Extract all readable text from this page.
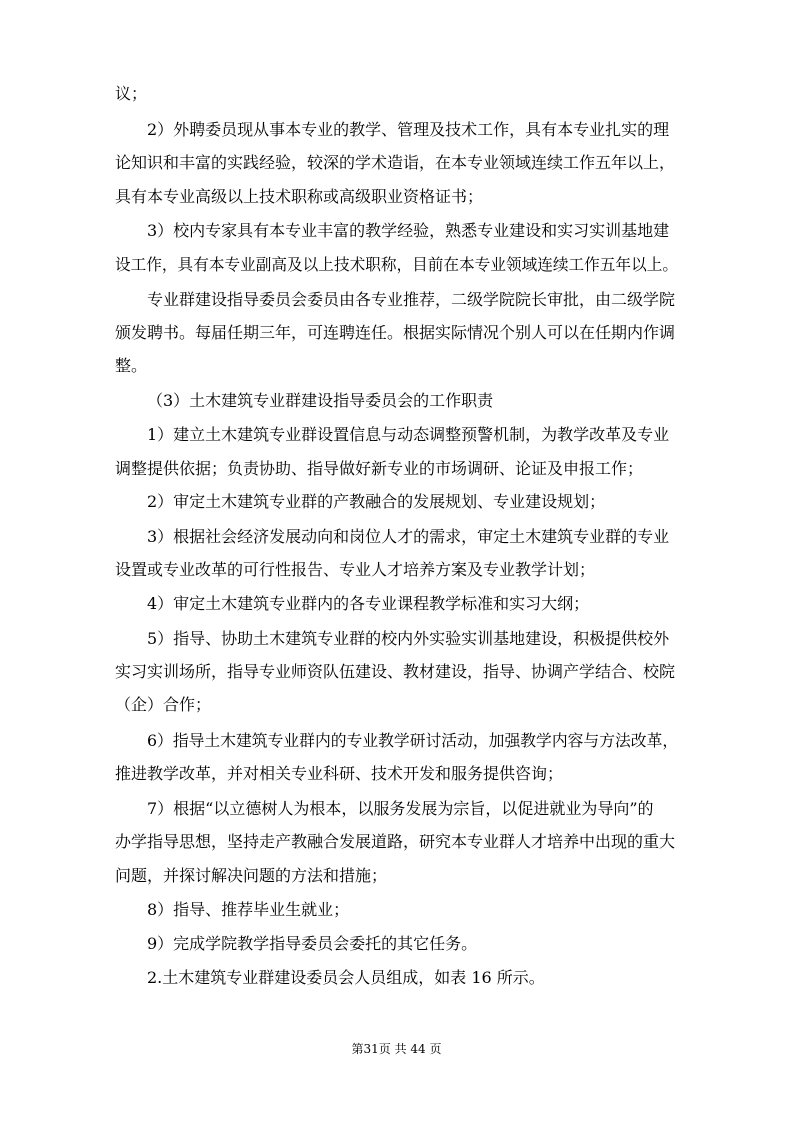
议；
2）外聘委员现从事本专业的教学、管理及技术工作，具有本专业扎实的理
论知识和丰富的实践经验，较深的学术造诣，在本专业领域连续工作五年以上，
具有本专业高级以上技术职称或高级职业资格证书；
3）校内专家具有本专业丰富的教学经验，熟悉专业建设和实习实训基地建
设工作，具有本专业副高及以上技术职称，目前在本专业领域连续工作五年以上。
专业群建设指导委员会委员由各专业推荐，二级学院院长审批，由二级学院
颁发聘书。每届任期三年，可连聘连任。根据实际情况个别人可以在任期内作调
整。
（3）土木建筑专业群建设指导委员会的工作职责
1）建立土木建筑专业群设置信息与动态调整预警机制，为教学改革及专业
调整提供依据；负责协助、指导做好新专业的市场调研、论证及申报工作；
2）审定土木建筑专业群的产教融合的发展规划、专业建设规划；
3）根据社会经济发展动向和岗位人才的需求，审定土木建筑专业群的专业
设置或专业改革的可行性报告、专业人才培养方案及专业教学计划；
4）审定土木建筑专业群内的各专业课程教学标准和实习大纲；
5）指导、协助土木建筑专业群的校内外实验实训基地建设，积极提供校外
实习实训场所，指导专业师资队伍建设、教材建设，指导、协调产学结合、校院
（企）合作；
6）指导土木建筑专业群内的专业教学研讨活动，加强教学内容与方法改革，
推进教学改革，并对相关专业科研、技术开发和服务提供咨询；
7）根据“以立德树人为根本，以服务发展为宗旨，以促进就业为导向”的
办学指导思想，坚持走产教融合发展道路，研究本专业群人才培养中出现的重大
问题，并探讨解决问题的方法和措施；
8）指导、推荐毕业生就业；
9）完成学院教学指导委员会委托的其它任务。
2.土木建筑专业群建设委员会人员组成，如表 16 所示。
第31页 共 44 页
